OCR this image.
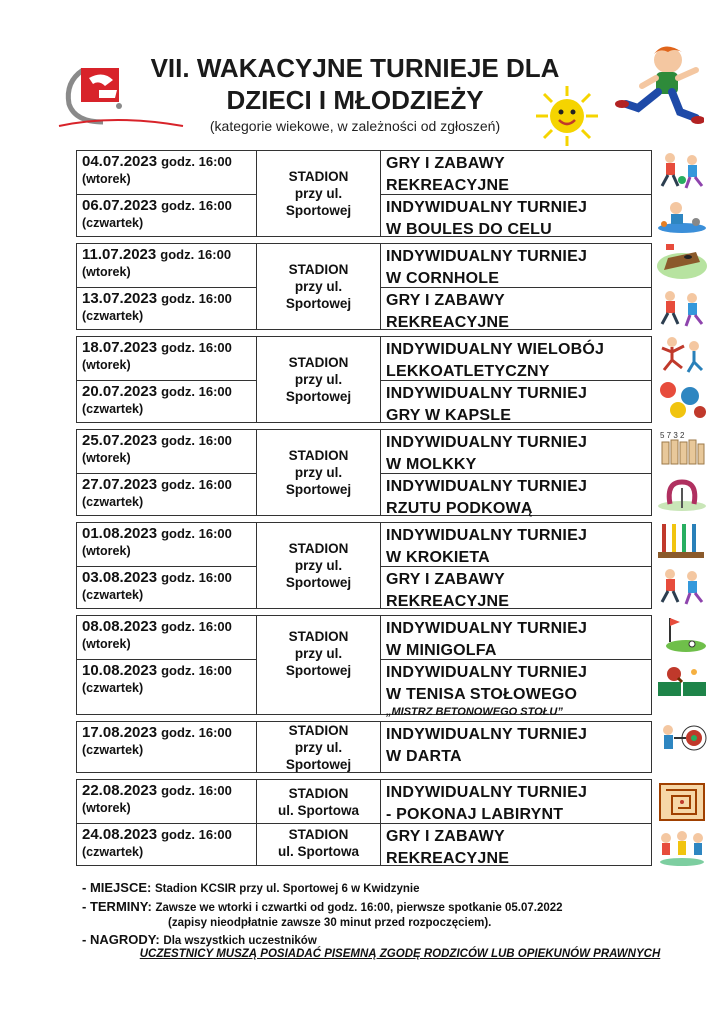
VII. WAKACYJNE TURNIEJE DLA
DZIECI I MŁODZIEŻY
(kategorie wiekowe, w zależności od zgłoszeń)
04.07.2023 godz. 16:00
(wtorek)
06.07.2023 godz. 16:00
(czwartek)
STADION
przy ul.
Sportowej
GRY I ZABAWY
REKREACYJNE
INDYWIDUALNY TURNIEJ
W BOULES DO CELU
11.07.2023 godz. 16:00
(wtorek)
13.07.2023 godz. 16:00
(czwartek)
STADION
przy ul.
Sportowej
INDYWIDUALNY TURNIEJ
W CORNHOLE
GRY I ZABAWY
REKREACYJNE
18.07.2023 godz. 16:00
(wtorek)
20.07.2023 godz. 16:00
(czwartek)
STADION
przy ul.
Sportowej
INDYWIDUALNY WIELOBÓJ
LEKKOATLETYCZNY
INDYWIDUALNY TURNIEJ
GRY W KAPSLE
25.07.2023 godz. 16:00
(wtorek)
27.07.2023 godz. 16:00
(czwartek)
STADION
przy ul.
Sportowej
INDYWIDUALNY TURNIEJ
W MOLKKY
INDYWIDUALNY TURNIEJ
RZUTU PODKOWĄ
01.08.2023 godz. 16:00
(wtorek)
03.08.2023 godz. 16:00
(czwartek)
STADION
przy ul.
Sportowej
INDYWIDUALNY TURNIEJ
W KROKIETA
GRY I ZABAWY
REKREACYJNE
08.08.2023 godz. 16:00
(wtorek)
10.08.2023 godz. 16:00
(czwartek)
STADION
przy ul.
Sportowej
INDYWIDUALNY TURNIEJ
W MINIGOLFA
INDYWIDUALNY TURNIEJ
W TENISA STOŁOWEGO
„MISTRZ BETONOWEGO STOŁU”
17.08.2023 godz. 16:00
(czwartek)
STADION
przy ul.
Sportowej
INDYWIDUALNY TURNIEJ
W DARTA
22.08.2023 godz. 16:00
(wtorek)
24.08.2023 godz. 16:00
(czwartek)
STADION
ul. Sportowa
STADION
ul. Sportowa
INDYWIDUALNY TURNIEJ
- POKONAJ LABIRYNT
GRY I ZABAWY
REKREACYJNE
5 7 3 2
- MIEJSCE: Stadion KCSIR przy ul. Sportowej 6 w Kwidzynie
- TERMINY: Zawsze we wtorki i czwartki od godz. 16:00, pierwsze spotkanie 05.07.2022
(zapisy nieodpłatnie zawsze 30 minut przed rozpoczęciem).
- NAGRODY: Dla wszystkich uczestników
UCZESTNICY MUSZĄ POSIADAĆ PISEMNĄ ZGODĘ RODZICÓW LUB OPIEKUNÓW PRAWNYCH
